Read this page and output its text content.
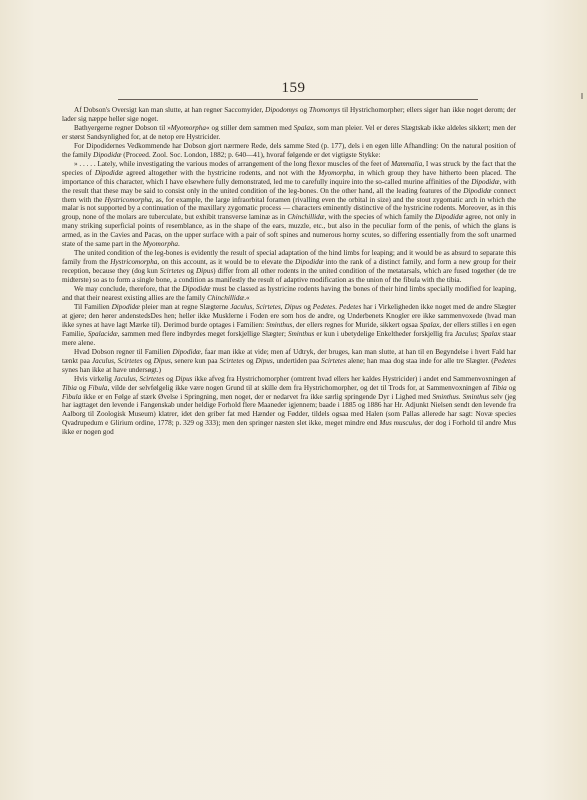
159

Af Dobson's Oversigt kan man slutte, at han regner Saccomyider, Dipodomys og Thomomys til Hystrichomorpher; ellers siger han ikke noget derom; der lader sig næppe heller sige noget.

Bathyergerne regner Dobson til »Myomorpha« og stiller dem sammen med Spalax, som man pleier. Vel er deres Slægtskab ikke aldeles sikkert; men der er størst Sandsynlighed for, at de netop ere Hystricider.

For Dipodidernes Vedkommende har Dobson gjort nærmere Rede, dels samme Sted (p. 177), dels i en egen lille Afhandling: On the natural position of the family Dipodidæ (Proceed. Zool. Soc. London, 1882; p. 640—41), hvoraf følgende er det vigtigste Stykke:

» . . . . . Lately, while investigating the various modes of arrangement of the long flexor muscles of the feet of Mammalia, I was struck by the fact that the species of Dipodidæ agreed altogether with the hystricine rodents, and not with the Myomorpha, in which group they have hitherto been placed. The importance of this character, which I have elsewhere fully demonstrated, led me to carefully inquire into the so-called murine affinities of the Dipodidæ, with the result that these may be said to consist only in the united condition of the leg-bones. On the other hand, all the leading features of the Dipodidæ connect them with the Hystricomorpha, as, for example, the large infraorbital foramen (rivalling even the orbital in size) and the stout zygomatic arch in which the malar is not supported by a continuation of the maxillary zygomatic process — characters eminently distinctive of the hystricine rodents. Moreover, as in this group, none of the molars are tuberculate, but exhibit transverse laminæ as in Chinchillidæ, with the species of which family the Dipodidæ agree, not only in many striking superficial points of resemblance, as in the shape of the ears, muzzle, etc., but also in the peculiar form of the penis, of which the glans is armed, as in the Cavies and Pacas, on the upper surface with a pair of soft spines and numerous horny scutes, so differing essentially from the soft unarmed state of the same part in the Myomorpha.

The united condition of the leg-bones is evidently the result of special adaptation of the hind limbs for leaping; and it would be as absurd to separate this family from the Hystricomorpha, on this account, as it would be to elevate the Dipodidæ into the rank of a distinct family, and form a new group for their reception, because they (dog kun Scirtetes og Dipus) differ from all other rodents in the united condition of the metatarsals, which are fused together (de tre midterste) so as to form a single bone, a condition as manifestly the result of adaptive modification as the union of the fibula with the tibia.

We may conclude, therefore, that the Dipodidæ must be classed as hystricine rodents having the bones of their hind limbs specially modified for leaping, and that their nearest existing allies are the family Chinchillidæ.«

Til Familien Dipodidæ pleier man at regne Slægterne Jaculus, Scirtetes, Dipus og Pedetes. Pedetes har i Virkeligheden ikke noget med de andre Slægter at gjøre; den hører andenstedsDes hen; heller ikke Musklerne i Foden ere som hos de andre, og Underbenets Knogler ere ikke sammenvoxede (hvad man ikke synes at have lagt Mærke til). Derimod burde optages i Familien: Sminthus, der ellers regnes for Muride, sikkert ogsaa Spalax, der ellers stilles i en egen Familie, Spalacidæ, sammen med flere indbyrdes meget forskjellige Slægter; Sminthus er kun i ubetydelige Enkeltheder forskjellig fra Jaculus; Spalax staar mere alene.

Hvad Dobson regner til Familien Dipodidæ, faar man ikke at vide; men af Udtryk, der bruges, kan man slutte, at han til en Begyndelse i hvert Fald har tænkt paa Jaculus, Scirtetes og Dipus, senere kun paa Scirtetes og Dipus, undertiden paa Scirtetes alene; han maa dog staa inde for alle tre Slægter. (Pedetes synes han ikke at have undersøgt.)

Hvis virkelig Jaculus, Scirtetes og Dipus ikke afveg fra Hystrichomorpher (omtrent hvad ellers her kaldes Hystricider) i andet end Sammenvoxningen af Tibia og Fibula, vilde der selvfølgelig ikke være nogen Grund til at skille dem fra Hystrichomorpher, og det til Trods for, at Sammenvoxningen af Tibia og Fibula ikke er en Følge af stærk Øvelse i Springning, men noget, der er nedarvet fra ikke særlig springende Dyr i Lighed med Sminthus. Sminthus selv (jeg har iagttaget den levende i Fangenskab under heldige Forhold flere Maaneder igjennem; baade i 1885 og 1886 har Hr. Adjunkt Nielsen sendt den levende fra Aalborg til Zoologisk Museum) klatrer, idet den griber fat med Hænder og Fødder, tildels ogsaa med Halen (som Pallas allerede har sagt: Novæ species Qvadrupedum e Glirium ordine, 1778; p. 329 og 333); men den springer næsten slet ikke, meget mindre end Mus musculus, der dog i Forhold til andre Mus ikke er nogen god
